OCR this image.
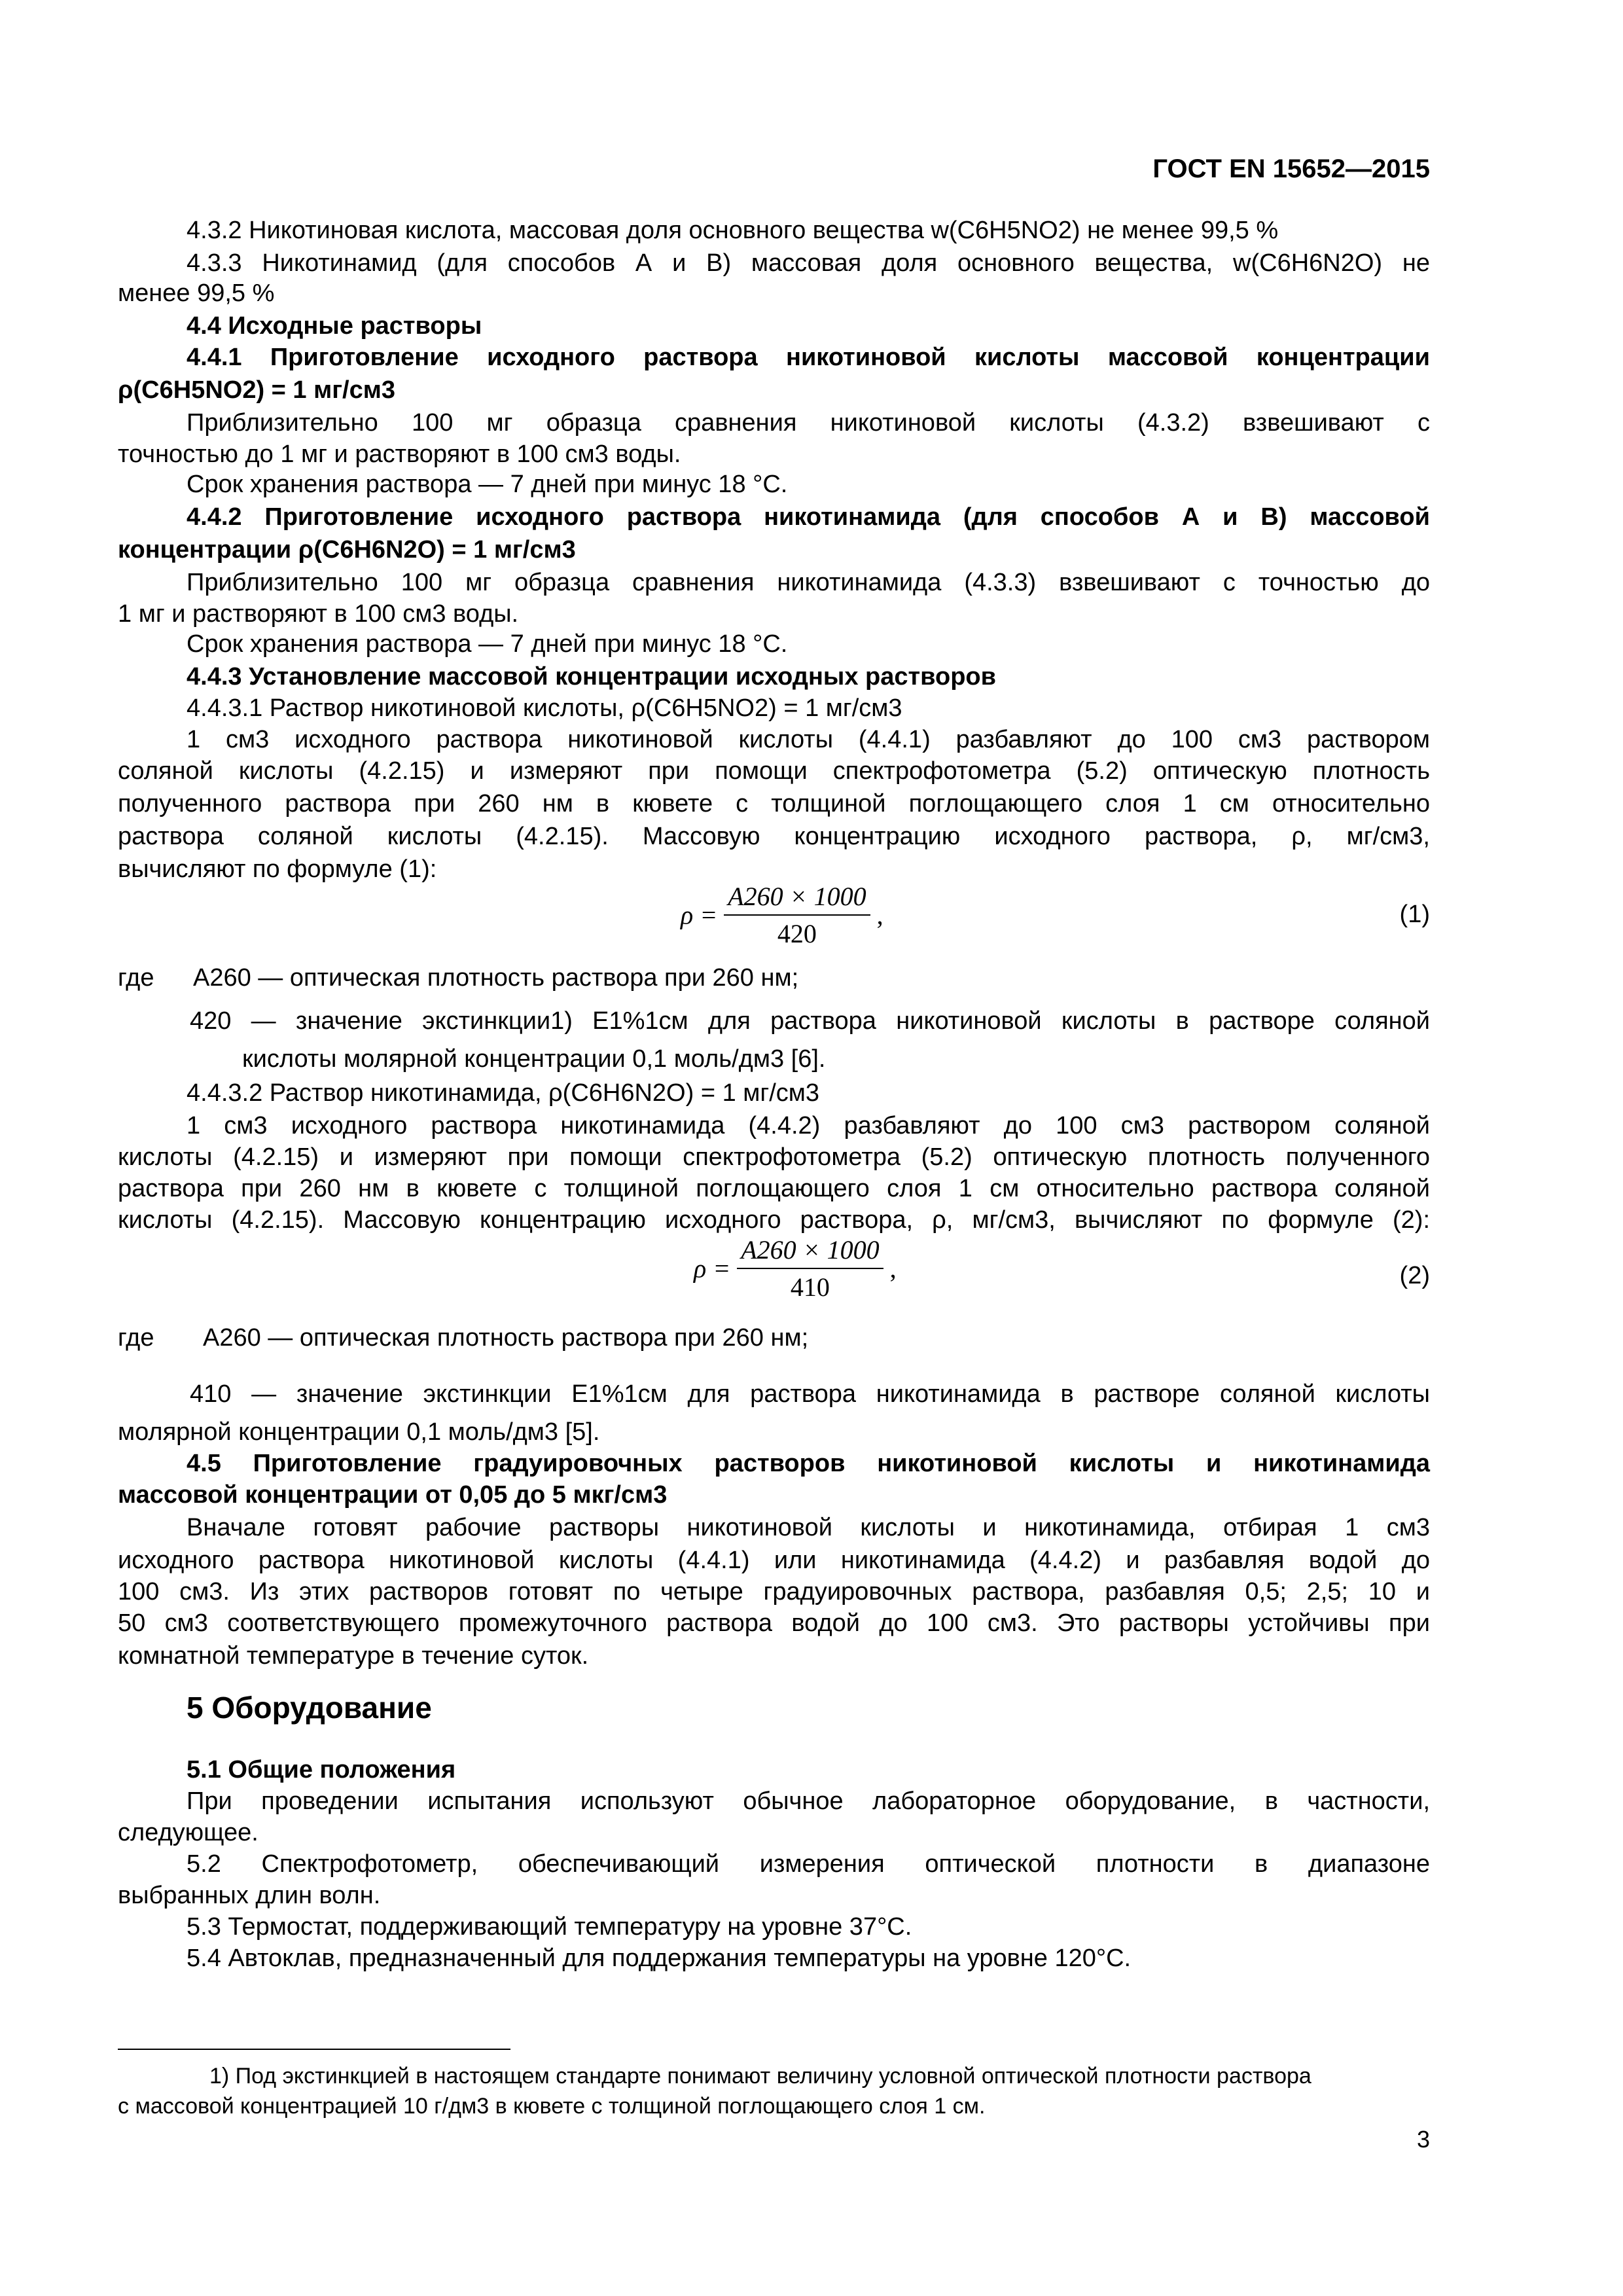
ГОСТ EN 15652—2015
4.3.2 Никотиновая кислота, массовая доля основного вещества w(C6H5NO2) не менее 99,5 %
4.3.3 Никотинамид (для способов А и В) массовая доля основного вещества, w(C6H6N2O) не
менее 99,5 %
4.4 Исходные растворы
4.4.1 Приготовление исходного раствора никотиновой кислоты массовой концентрации
ρ(C6H5NO2) = 1 мг/см3
Приблизительно 100 мг образца сравнения никотиновой кислоты (4.3.2) взвешивают с
точностью до 1 мг и растворяют в 100 см3 воды.
Срок хранения раствора — 7 дней при минус 18 °С.
4.4.2 Приготовление исходного раствора никотинамида (для способов А и В) массовой
концентрации ρ(C6H6N2O) = 1 мг/см3
Приблизительно 100 мг образца сравнения никотинамида (4.3.3) взвешивают с точностью до
1 мг и растворяют в 100 см3 воды.
Срок хранения раствора — 7 дней при минус 18 °С.
4.4.3 Установление массовой концентрации исходных растворов
4.4.3.1 Раствор никотиновой кислоты, ρ(C6H5NO2) = 1 мг/см3
1 см3 исходного раствора никотиновой кислоты (4.4.1) разбавляют до 100 см3 раствором
соляной кислоты (4.2.15) и измеряют при помощи спектрофотометра (5.2) оптическую плотность
полученного раствора при 260 нм в кювете с толщиной поглощающего слоя 1 см относительно
раствора соляной кислоты (4.2.15). Массовую концентрацию исходного раствора, ρ, мг/см3,
вычисляют по формуле (1):
$\rho = \frac{A260 \times 1000}{420}$ ,	(1)
где A260 — оптическая плотность раствора при 260 нм;
420 — значение экстинкции1) E1%1см для раствора никотиновой кислоты в растворе соляной
кислоты молярной концентрации 0,1 моль/дм3 [6].
4.4.3.2 Раствор никотинамида, ρ(C6H6N2O) = 1 мг/см3
1 см3 исходного раствора никотинамида (4.4.2) разбавляют до 100 см3 раствором соляной
кислоты (4.2.15) и измеряют при помощи спектрофотометра (5.2) оптическую плотность полученного
раствора при 260 нм в кювете с толщиной поглощающего слоя 1 см относительно раствора соляной
кислоты (4.2.15). Массовую концентрацию исходного раствора, ρ, мг/см3, вычисляют по формуле (2):
$\rho = \frac{A260 \times 1000}{410}$ ,	(2)
где A260 — оптическая плотность раствора при 260 нм;
410 — значение экстинкции E1%1см для раствора никотинамида в растворе соляной кислоты
молярной концентрации 0,1 моль/дм3 [5].
4.5 Приготовление градуировочных растворов никотиновой кислоты и никотинамида
массовой концентрации от 0,05 до 5 мкг/см3
Вначале готовят рабочие растворы никотиновой кислоты и никотинамида, отбирая 1 см3
исходного раствора никотиновой кислоты (4.4.1) или никотинамида (4.4.2) и разбавляя водой до
100 см3. Из этих растворов готовят по четыре градуировочных раствора, разбавляя 0,5; 2,5; 10 и
50 см3 соответствующего промежуточного раствора водой до 100 см3. Это растворы устойчивы при
комнатной температуре в течение суток.
5 Оборудование
5.1 Общие положения
При проведении испытания используют обычное лабораторное оборудование, в частности,
следующее.
5.2 Спектрофотометр, обеспечивающий измерения оптической плотности в диапазоне
выбранных длин волн.
5.3 Термостат, поддерживающий температуру на уровне 37°С.
5.4 Автоклав, предназначенный для поддержания температуры на уровне 120°С.
1) Под экстинкцией в настоящем стандарте понимают величину условной оптической плотности раствора
с массовой концентрацией 10 г/дм3 в кювете с толщиной поглощающего слоя 1 см.
3
